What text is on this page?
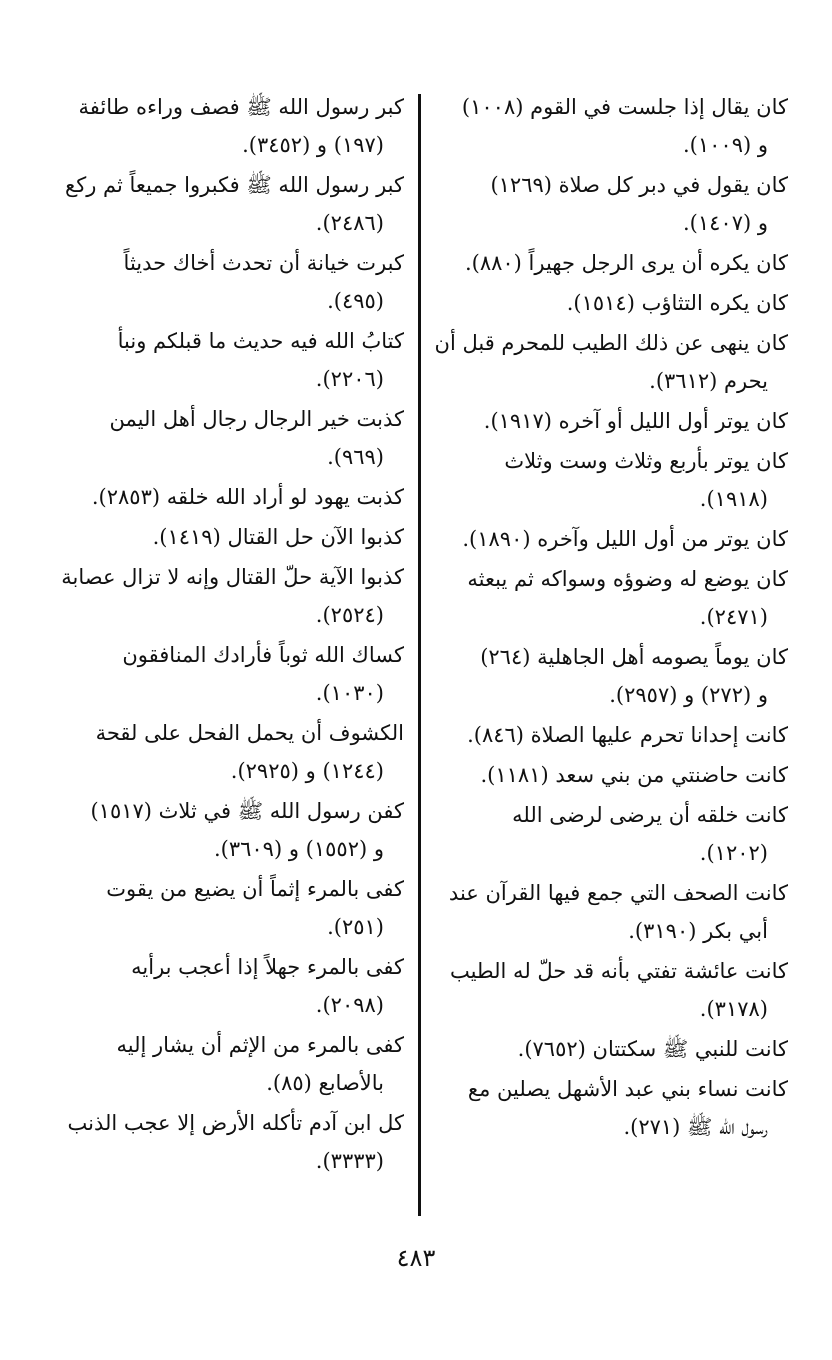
كان يقال إذا جلست في القوم (١٠٠٨)
و (١٠٠٩).
كان يقول في دبر كل صلاة (١٢٦٩)
و (١٤٠٧).
كان يكره أن يرى الرجل جهيراً (٨٨٠).
كان يكره التثاؤب (١٥١٤).
كان ينهى عن ذلك الطيب للمحرم قبل أن
يحرم (٣٦١٢).
كان يوتر أول الليل أو آخره (١٩١٧).
كان يوتر بأربع وثلاث وست وثلاث
(١٩١٨).
كان يوتر من أول الليل وآخره (١٨٩٠).
كان يوضع له وضوؤه وسواكه ثم يبعثه
(٢٤٧١).
كان يوماً يصومه أهل الجاهلية (٢٦٤)
و (٢٧٢) و (٢٩٥٧).
كانت إحدانا تحرم عليها الصلاة (٨٤٦).
كانت حاضنتي من بني سعد (١١٨١).
كانت خلقه أن يرضى لرضى الله
(١٢٠٢).
كانت الصحف التي جمع فيها القرآن عند
أبي بكر (٣١٩٠).
كانت عائشة تفتي بأنه قد حلّ له الطيب
(٣١٧٨).
كانت للنبي ﷺ سكتتان (٧٦٥٢).
كانت نساء بني عبد الأشهل يصلين مع
رسول الله ﷺ (٢٧١).
كبر رسول الله ﷺ فصف وراءه طائفة
(١٩٧) و (٣٤٥٢).
كبر رسول الله ﷺ فكبروا جميعاً ثم ركع
(٢٤٨٦).
كبرت خيانة أن تحدث أخاك حديثاً
(٤٩٥).
كتابُ الله فيه حديث ما قبلكم ونبأ
(٢٢٠٦).
كذبت خير الرجال رجال أهل اليمن
(٩٦٩).
كذبت يهود لو أراد الله خلقه (٢٨٥٣).
كذبوا الآن حل القتال (١٤١٩).
كذبوا الآية حلّ القتال وإنه لا تزال عصابة
(٢٥٢٤).
كساك الله ثوباً فأرادك المنافقون
(١٠٣٠).
الكشوف أن يحمل الفحل على لقحة
(١٢٤٤) و (٢٩٢٥).
كفن رسول الله ﷺ في ثلاث (١٥١٧)
و (١٥٥٢) و (٣٦٠٩).
كفى بالمرء إثماً أن يضيع من يقوت
(٢٥١).
كفى بالمرء جهلاً إذا أعجب برأيه
(٢٠٩٨).
كفى بالمرء من الإثم أن يشار إليه
بالأصابع (٨٥).
كل ابن آدم تأكله الأرض إلا عجب الذنب
(٣٣٣٣).
٤٨٣
